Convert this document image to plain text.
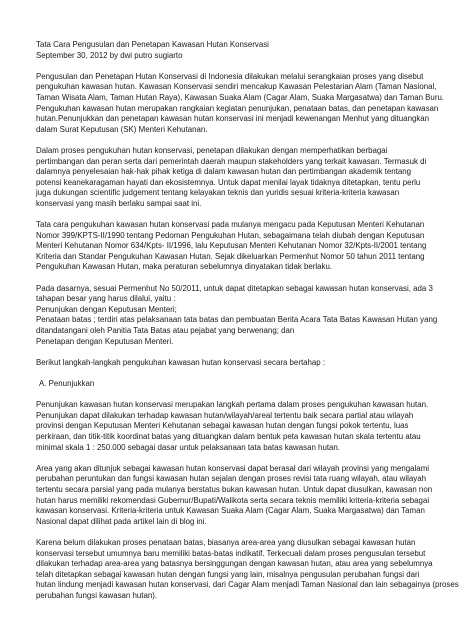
Tata Cara Pengusulan dan Penetapan Kawasan Hutan Konservasi

September 30, 2012 by dwi putro sugiarto

Pengusulan dan Penetapan Hutan Konservasi di Indonesia dilakukan melalui serangkaian proses yang disebut
pengukuhan kawasan hutan. Kawasan Konservasi sendiri mencakup Kawasan Pelestarian Alam (Taman Nasional,
Taman Wisata Alam, Taman Hutan Raya), Kawasan Suaka Alam (Cagar Alam, Suaka Margasatwa) dan Taman Buru.
Pengukuhan kawasan hutan merupakan rangkaian kegiatan penunjukan, penataan batas, dan penetapan kawasan
hutan.Penunjukkan dan penetapan kawasan hutan konservasi ini menjadi kewenangan Menhut yang dituangkan
dalam Surat Keputusan (SK) Menteri Kehutanan.
Dalam proses pengukuhan hutan konservasi, penetapan dilakukan dengan memperhatikan berbagai
pertimbangan dan peran serta dari pemerintah daerah maupun stakeholders yang terkait kawasan. Termasuk di
dalamnya penyelesaian hak-hak pihak ketiga di dalam kawasan hutan dan pertimbangan akademik tentang
potensi keanekaragaman hayati dan ekosistemnya. Untuk dapat menilai layak tidaknya ditetapkan, tentu perlu
juga dukungan scientific judgement tentang kelayakan teknis dan yuridis sesuai kriteria-kriteria kawasan
konservasi yang masih berlaku sampai saat ini.
Tata cara pengukuhan kawasan hutan konservasi pada mulanya mengacu pada Keputusan Menteri Kehutanan
Nomor 399/KPTS-II/1990 tentang Pedoman Pengukuhan Hutan, sebagaimana telah diubah dengan Keputusan
Menteri Kehutanan Nomor 634/Kpts- II/1996, lalu Keputusan Menteri Kehutanan Nomor 32/Kpts-II/2001 tentang
Kriteria dan Standar Pengukuhan Kawasan Hutan. Sejak dikeluarkan Permenhut Nomor 50 tahun 2011 tentang
Pengukuhan Kawasan Hutan, maka peraturan sebelumnya dinyatakan tidak berlaku.
Pada dasarnya, sesuai Permenhut No 50/2011, untuk dapat ditetapkan sebagai kawasan hutan konservasi, ada 3
tahapan besar yang harus dilalui, yaitu :
Penunjukan dengan Keputusan Menteri;
Penataan batas ; terdiri atas pelaksanaan tata batas dan pembuatan Berita Acara Tata Batas Kawasan Hutan yang
ditandatangani oleh Panitia Tata Batas atau pejabat yang berwenang; dan
Penetapan dengan Keputusan Menteri.
Berikut langkah-langkah pengukuhan kawasan hutan konservasi secara bertahap :
A. Penunjukkan
Penunjukan kawasan hutan konservasi merupakan langkah pertama dalam proses pengukuhan kawasan hutan.
Penunjukan dapat dilakukan terhadap kawasan hutan/wilayah/areal tertentu baik secara partial atau wilayah
provinsi dengan Keputusan Menteri Kehutanan sebagai kawasan hutan dengan fungsi pokok tertentu, luas
perkiraan, dan titik-titik koordinat batas yang dituangkan dalam bentuk peta kawasan hutan skala tertentu atau
minimal skala 1 : 250.000 sebagai dasar untuk pelaksanaan tata batas kawasan hutan.
Area yang akan ditunjuk sebagai kawasan hutan konservasi dapat berasal dari wilayah provinsi yang mengalami
perubahan peruntukan dan fungsi kawasan hutan sejalan dengan proses revisi tata ruang wilayah, atau wilayah
tertentu secara parsial yang pada mulanya berstatus bukan kawasan hutan. Untuk dapat diusulkan, kawasan non
hutan harus memiliki rekomendasi Gubernur/Bupati/Walikota serta secara teknis memiliki kriteria-kriteria sebagai
kawasan konservasi. Kriteria-kriteria untuk Kawasan Suaka Alam (Cagar Alam, Suaka Margasatwa) dan Taman
Nasional dapat dilihat pada artikel lain di blog ini.
Karena belum dilakukan proses penataan batas, biasanya area-area yang diusulkan sebagai kawasan hutan
konservasi tersebut umumnya baru memiliki batas-batas indikatif. Terkecuali dalam proses pengusulan tersebut
dilakukan terhadap area-area yang batasnya bersinggungan dengan kawasan hutan, atau area yang sebelumnya
telah ditetapkan sebagai kawasan hutan dengan fungsi yang lain, misalnya pengusulan perubahan fungsi dari
hutan lindung menjadi kawasan hutan konservasi, dari Cagar Alam menjadi Taman Nasional dan lain sebagainya (proses
perubahan fungsi kawasan hutan).
